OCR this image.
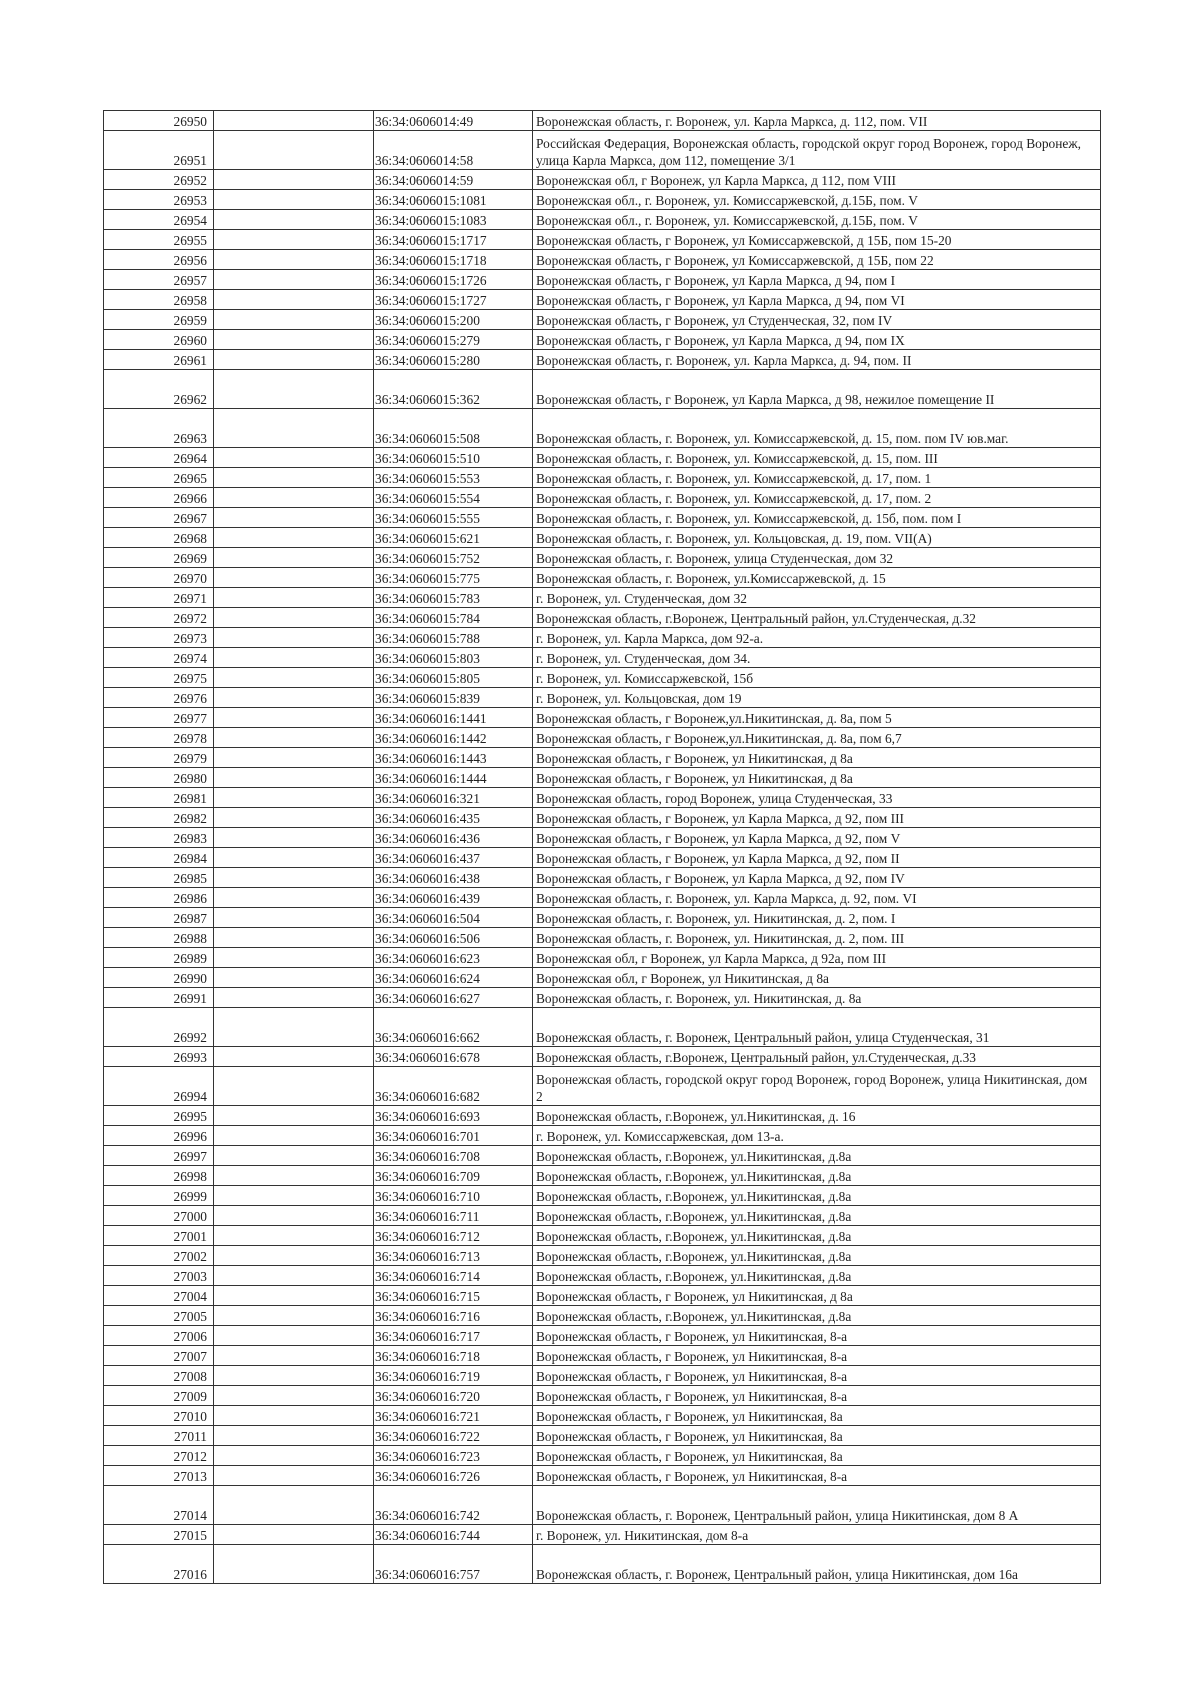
26950		36:34:0606014:49	Воронежская область, г. Воронеж, ул. Карла Маркса, д. 112, пом. VII
26951		36:34:0606014:58	Российская Федерация, Воронежская область, городской округ город Воронеж, город Воронеж, улица Карла Маркса, дом 112, помещение 3/1
26952		36:34:0606014:59	Воронежская обл, г Воронеж, ул Карла Маркса, д 112, пом VIII
26953		36:34:0606015:1081	Воронежская обл., г. Воронеж, ул. Комиссаржевской, д.15Б, пом. V
26954		36:34:0606015:1083	Воронежская обл., г. Воронеж, ул. Комиссаржевской, д.15Б, пом. V
26955		36:34:0606015:1717	Воронежская область, г Воронеж, ул Комиссаржевской, д 15Б, пом 15-20
26956		36:34:0606015:1718	Воронежская область, г Воронеж, ул Комиссаржевской, д 15Б, пом 22
26957		36:34:0606015:1726	Воронежская область, г Воронеж, ул Карла Маркса, д 94, пом I
26958		36:34:0606015:1727	Воронежская область, г Воронеж, ул Карла Маркса, д 94, пом VI
26959		36:34:0606015:200	Воронежская область, г Воронеж, ул Студенческая, 32, пом IV
26960		36:34:0606015:279	Воронежская область, г Воронеж, ул Карла Маркса, д 94, пом IX
26961		36:34:0606015:280	Воронежская область, г. Воронеж, ул. Карла Маркса, д. 94, пом. II
26962		36:34:0606015:362	Воронежская область, г Воронеж, ул Карла Маркса, д 98, нежилое помещение II
26963		36:34:0606015:508	Воронежская область, г. Воронеж, ул. Комиссаржевской, д. 15, пом. пом IV юв.маг.
26964		36:34:0606015:510	Воронежская область, г. Воронеж, ул. Комиссаржевской, д. 15, пом. III
26965		36:34:0606015:553	Воронежская область, г. Воронеж, ул. Комиссаржевской, д. 17, пом. 1
26966		36:34:0606015:554	Воронежская область, г. Воронеж, ул. Комиссаржевской, д. 17, пом. 2
26967		36:34:0606015:555	Воронежская область, г. Воронеж, ул. Комиссаржевской, д. 15б, пом. пом I
26968		36:34:0606015:621	Воронежская область, г. Воронеж, ул. Кольцовская, д. 19, пом. VII(А)
26969		36:34:0606015:752	Воронежская область, г. Воронеж, улица Студенческая, дом 32
26970		36:34:0606015:775	Воронежская область, г. Воронеж, ул.Комиссаржевской, д. 15
26971		36:34:0606015:783	г. Воронеж, ул. Студенческая, дом 32
26972		36:34:0606015:784	Воронежская область, г.Воронеж, Центральный район, ул.Студенческая, д.32
26973		36:34:0606015:788	г. Воронеж, ул. Карла Маркса, дом 92-а.
26974		36:34:0606015:803	г. Воронеж, ул. Студенческая, дом 34.
26975		36:34:0606015:805	г. Воронеж, ул. Комиссаржевской, 15б
26976		36:34:0606015:839	г. Воронеж, ул. Кольцовская, дом 19
26977		36:34:0606016:1441	Воронежская область, г Воронеж,ул.Никитинская, д. 8а, пом 5
26978		36:34:0606016:1442	Воронежская область, г Воронеж,ул.Никитинская, д. 8а, пом 6,7
26979		36:34:0606016:1443	Воронежская область, г Воронеж, ул Никитинская, д 8а
26980		36:34:0606016:1444	Воронежская область, г Воронеж, ул Никитинская, д 8а
26981		36:34:0606016:321	Воронежская область, город Воронеж, улица Студенческая, 33
26982		36:34:0606016:435	Воронежская область, г Воронеж, ул Карла Маркса, д 92, пом III
26983		36:34:0606016:436	Воронежская область, г Воронеж, ул Карла Маркса, д 92, пом V
26984		36:34:0606016:437	Воронежская область, г Воронеж, ул Карла Маркса, д 92, пом II
26985		36:34:0606016:438	Воронежская область, г Воронеж, ул Карла Маркса, д 92, пом IV
26986		36:34:0606016:439	Воронежская область, г. Воронеж, ул. Карла Маркса, д. 92, пом. VI
26987		36:34:0606016:504	Воронежская область, г. Воронеж, ул. Никитинская, д. 2, пом. I
26988		36:34:0606016:506	Воронежская область, г. Воронеж, ул. Никитинская, д. 2, пом. III
26989		36:34:0606016:623	Воронежская обл, г Воронеж, ул Карла Маркса, д 92а, пом III
26990		36:34:0606016:624	Воронежская обл, г Воронеж, ул Никитинская, д 8а
26991		36:34:0606016:627	Воронежская область, г. Воронеж, ул. Никитинская, д. 8а
26992		36:34:0606016:662	Воронежская область, г. Воронеж, Центральный район, улица Студенческая, 31
26993		36:34:0606016:678	Воронежская область, г.Воронеж, Центральный район, ул.Студенческая, д.33
26994		36:34:0606016:682	Воронежская область, городской округ город Воронеж, город Воронеж, улица Никитинская, дом 2
26995		36:34:0606016:693	Воронежская область, г.Воронеж, ул.Никитинская, д. 16
26996		36:34:0606016:701	г. Воронеж, ул. Комиссаржевская, дом 13-а.
26997		36:34:0606016:708	Воронежская область, г.Воронеж, ул.Никитинская, д.8а
26998		36:34:0606016:709	Воронежская область, г.Воронеж, ул.Никитинская, д.8а
26999		36:34:0606016:710	Воронежская область, г.Воронеж, ул.Никитинская, д.8а
27000		36:34:0606016:711	Воронежская область, г.Воронеж, ул.Никитинская, д.8а
27001		36:34:0606016:712	Воронежская область, г.Воронеж, ул.Никитинская, д.8а
27002		36:34:0606016:713	Воронежская область, г.Воронеж, ул.Никитинская, д.8а
27003		36:34:0606016:714	Воронежская область, г.Воронеж, ул.Никитинская, д.8а
27004		36:34:0606016:715	Воронежская область, г Воронеж, ул Никитинская, д 8а
27005		36:34:0606016:716	Воронежская область, г.Воронеж, ул.Никитинская, д.8а
27006		36:34:0606016:717	Воронежская область, г Воронеж, ул Никитинская, 8-а
27007		36:34:0606016:718	Воронежская область, г Воронеж, ул Никитинская, 8-а
27008		36:34:0606016:719	Воронежская область, г Воронеж, ул Никитинская, 8-а
27009		36:34:0606016:720	Воронежская область, г Воронеж, ул Никитинская, 8-а
27010		36:34:0606016:721	Воронежская область, г Воронеж, ул Никитинская, 8а
27011		36:34:0606016:722	Воронежская область, г Воронеж, ул Никитинская, 8а
27012		36:34:0606016:723	Воронежская область, г Воронеж, ул Никитинская, 8а
27013		36:34:0606016:726	Воронежская область, г Воронеж, ул Никитинская, 8-а
27014		36:34:0606016:742	Воронежская область, г. Воронеж, Центральный район, улица Никитинская, дом 8 А
27015		36:34:0606016:744	г. Воронеж, ул. Никитинская, дом 8-а
27016		36:34:0606016:757	Воронежская область, г. Воронеж, Центральный район, улица Никитинская, дом 16а
